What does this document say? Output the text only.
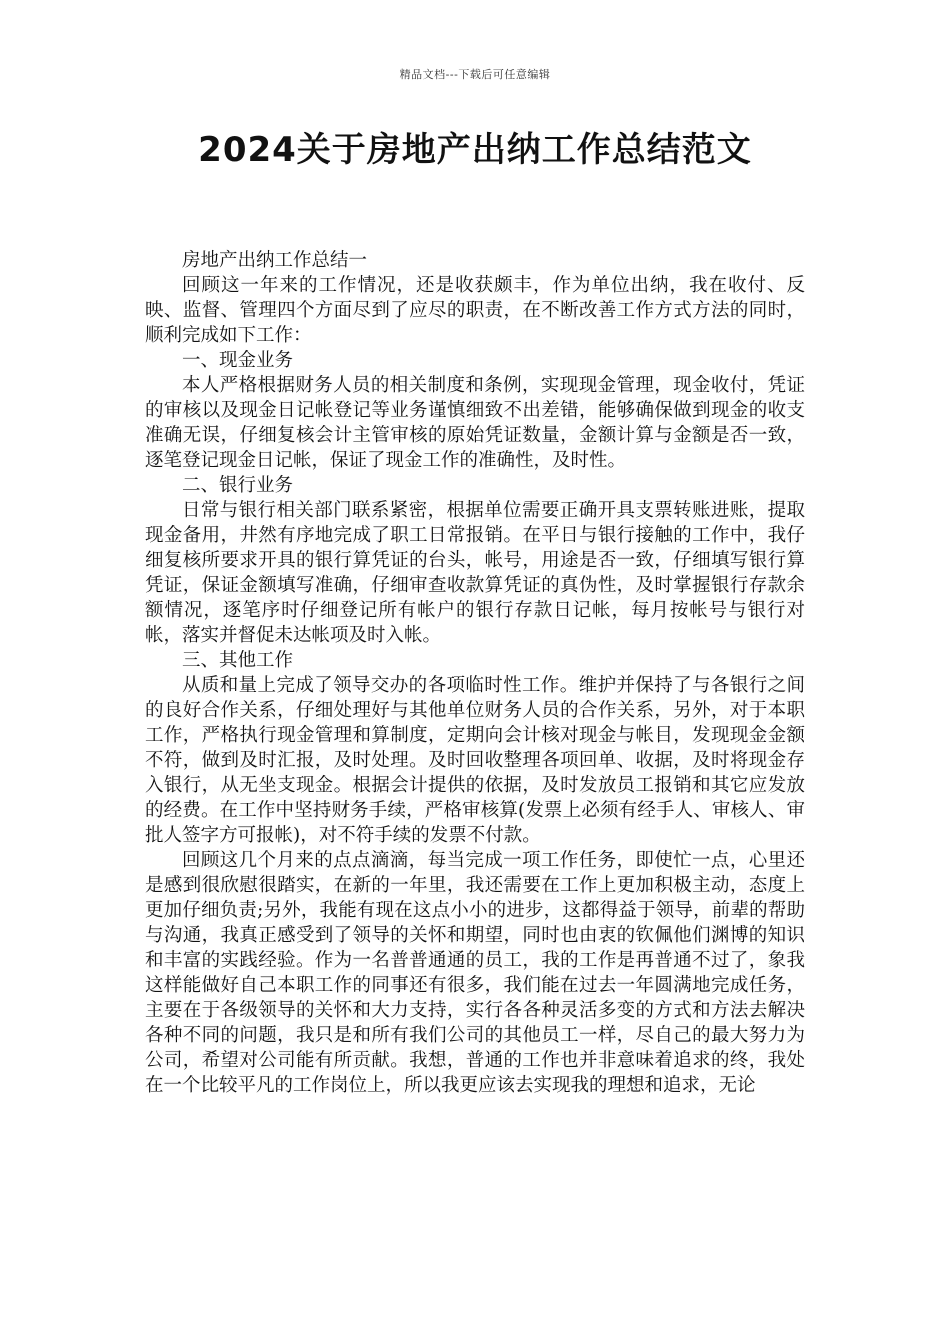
精品文档---下载后可任意编辑
2024关于房地产出纳工作总结范文

房地产出纳工作总结一

回顾这一年来的工作情况，还是收获颇丰，作为单位出纳，我在收付、反映、监督、管理四个方面尽到了应尽的职责，在不断改善工作方式方法的同时，顺利完成如下工作：

一、现金业务

本人严格根据财务人员的相关制度和条例，实现现金管理，现金收付，凭证的审核以及现金日记帐登记等业务谨慎细致不出差错，能够确保做到现金的收支准确无误，仔细复核会计主管审核的原始凭证数量，金额计算与金额是否一致，逐笔登记现金日记帐，保证了现金工作的准确性，及时性。

二、银行业务

日常与银行相关部门联系紧密，根据单位需要正确开具支票转账进账，提取现金备用，井然有序地完成了职工日常报销。在平日与银行接触的工作中，我仔细复核所要求开具的银行算凭证的台头，帐号，用途是否一致，仔细填写银行算凭证，保证金额填写准确，仔细审查收款算凭证的真伪性，及时掌握银行存款余额情况，逐笔序时仔细登记所有帐户的银行存款日记帐，每月按帐号与银行对帐，落实并督促未达帐项及时入帐。

三、其他工作

从质和量上完成了领导交办的各项临时性工作。维护并保持了与各银行之间的良好合作关系，仔细处理好与其他单位财务人员的合作关系，另外，对于本职工作，严格执行现金管理和算制度，定期向会计核对现金与帐目，发现现金金额不符，做到及时汇报，及时处理。及时回收整理各项回单、收据，及时将现金存入银行，从无坐支现金。根据会计提供的依据，及时发放员工报销和其它应发放的经费。在工作中坚持财务手续，严格审核算(发票上必须有经手人、审核人、审批人签字方可报帐)，对不符手续的发票不付款。

回顾这几个月来的点点滴滴，每当完成一项工作任务，即使忙一点，心里还是感到很欣慰很踏实，在新的一年里，我还需要在工作上更加积极主动，态度上更加仔细负责;另外，我能有现在这点小小的进步，这都得益于领导，前辈的帮助与沟通，我真正感受到了领导的关怀和期望，同时也由衷的钦佩他们渊博的知识和丰富的实践经验。作为一名普普通通的员工，我的工作是再普通不过了，象我这样能做好自己本职工作的同事还有很多，我们能在过去一年圆满地完成任务，主要在于各级领导的关怀和大力支持，实行各各种灵活多变的方式和方法去解决各种不同的问题，我只是和所有我们公司的其他员工一样，尽自己的最大努力为公司，希望对公司能有所贡献。我想，普通的工作也并非意味着追求的终，我处在一个比较平凡的工作岗位上，所以我更应该去实现我的理想和追求，无论
